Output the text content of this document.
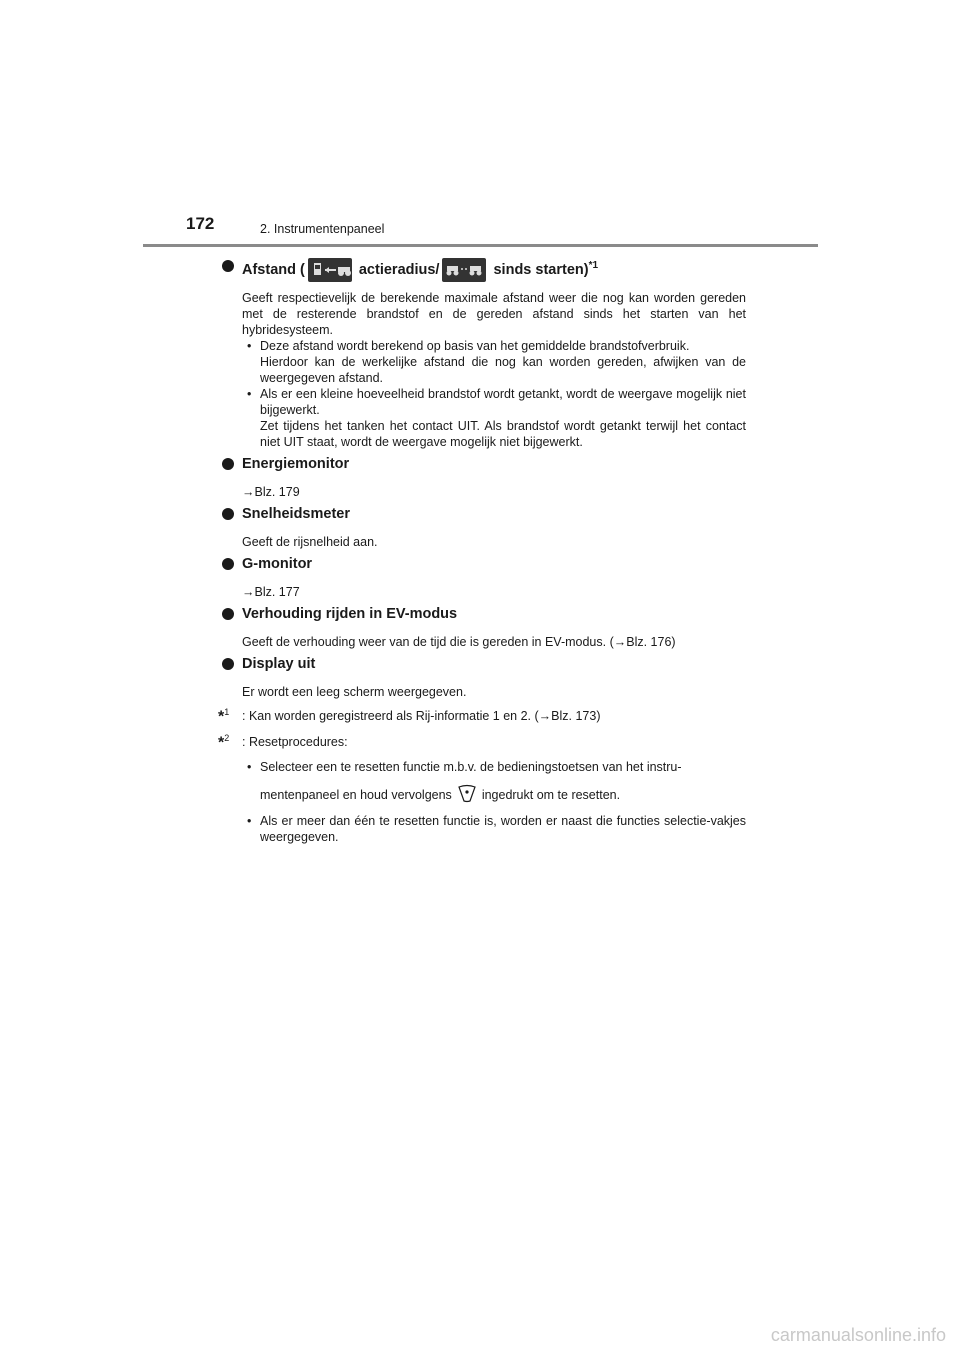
172	2. Instrumentenpaneel
Afstand (	actieradius/	sinds starten)$^{*1}$

Geeft respectievelijk de berekende maximale afstand weer die nog kan worden gereden met de resterende brandstof en de gereden afstand sinds het starten van het hybridesysteem.

• Deze afstand wordt berekend op basis van het gemiddelde brandstofverbruik.
Hierdoor kan de werkelijke afstand die nog kan worden gereden, afwijken van de weergegeven afstand.
• Als er een kleine hoeveelheid brandstof wordt getankt, wordt de weergave mogelijk niet bijgewerkt.
Zet tijdens het tanken het contact UIT. Als brandstof wordt getankt terwijl het contact niet UIT staat, wordt de weergave mogelijk niet bijgewerkt.
Energiemonitor

→Blz. 179

Snelheidsmeter

Geeft de rijsnelheid aan.

G-monitor

→Blz. 177

Verhouding rijden in EV-modus

Geeft de verhouding weer van de tijd die is gereden in EV-modus. (→Blz. 176)

Display uit

Er wordt een leeg scherm weergegeven.

*$^1$ : Kan worden geregistreerd als Rij-informatie 1 en 2. (→Blz. 173)
*$^2$ : Resetprocedures:
• Selecteer een te resetten functie m.b.v. de bedieningstoetsen van het instru-
mentenpaneel en houd vervolgens ingedrukt om te resetten.
• Als er meer dan één te resetten functie is, worden er naast die functies selectie-vakjes weergegeven.
carmanualsonline.info
